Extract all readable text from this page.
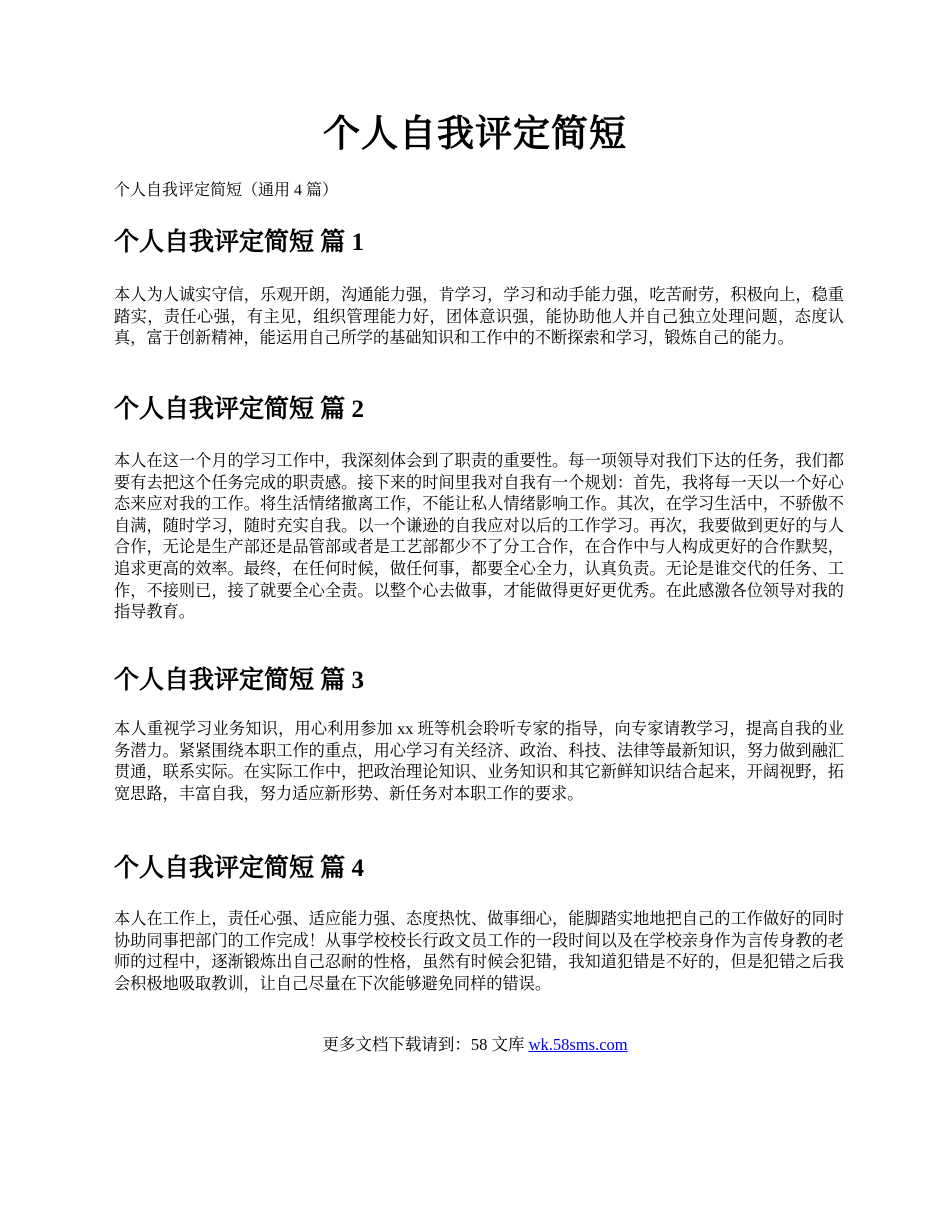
个人自我评定简短

个人自我评定简短（通用 4 篇）

个人自我评定简短 篇 1

本人为人诚实守信，乐观开朗，沟通能力强，肯学习，学习和动手能力强，吃苦耐劳，积极向上，稳重踏实，责任心强，有主见，组织管理能力好，团体意识强，能协助他人并自己独立处理问题，态度认真，富于创新精神，能运用自己所学的基础知识和工作中的不断探索和学习，锻炼自己的能力。

个人自我评定简短 篇 2

本人在这一个月的学习工作中，我深刻体会到了职责的重要性。每一项领导对我们下达的任务，我们都要有去把这个任务完成的职责感。接下来的时间里我对自我有一个规划：首先，我将每一天以一个好心态来应对我的工作。将生活情绪撤离工作，不能让私人情绪影响工作。其次，在学习生活中，不骄傲不自满，随时学习，随时充实自我。以一个谦逊的自我应对以后的工作学习。再次，我要做到更好的与人合作，无论是生产部还是品管部或者是工艺部都少不了分工合作，在合作中与人构成更好的合作默契，追求更高的效率。最终，在任何时候，做任何事，都要全心全力，认真负责。无论是谁交代的任务、工作，不接则已，接了就要全心全责。以整个心去做事，才能做得更好更优秀。在此感激各位领导对我的指导教育。

个人自我评定简短 篇 3

本人重视学习业务知识，用心利用参加 xx 班等机会聆听专家的指导，向专家请教学习，提高自我的业务潜力。紧紧围绕本职工作的重点，用心学习有关经济、政治、科技、法律等最新知识，努力做到融汇贯通，联系实际。在实际工作中，把政治理论知识、业务知识和其它新鲜知识结合起来，开阔视野，拓宽思路，丰富自我，努力适应新形势、新任务对本职工作的要求。

个人自我评定简短 篇 4

本人在工作上，责任心强、适应能力强、态度热忱、做事细心，能脚踏实地地把自己的工作做好的同时协助同事把部门的工作完成！从事学校校长行政文员工作的一段时间以及在学校亲身作为言传身教的老师的过程中，逐渐锻炼出自己忍耐的性格，虽然有时候会犯错，我知道犯错是不好的，但是犯错之后我会积极地吸取教训，让自己尽量在下次能够避免同样的错误。

更多文档下载请到：58 文库 wk.58sms.com
